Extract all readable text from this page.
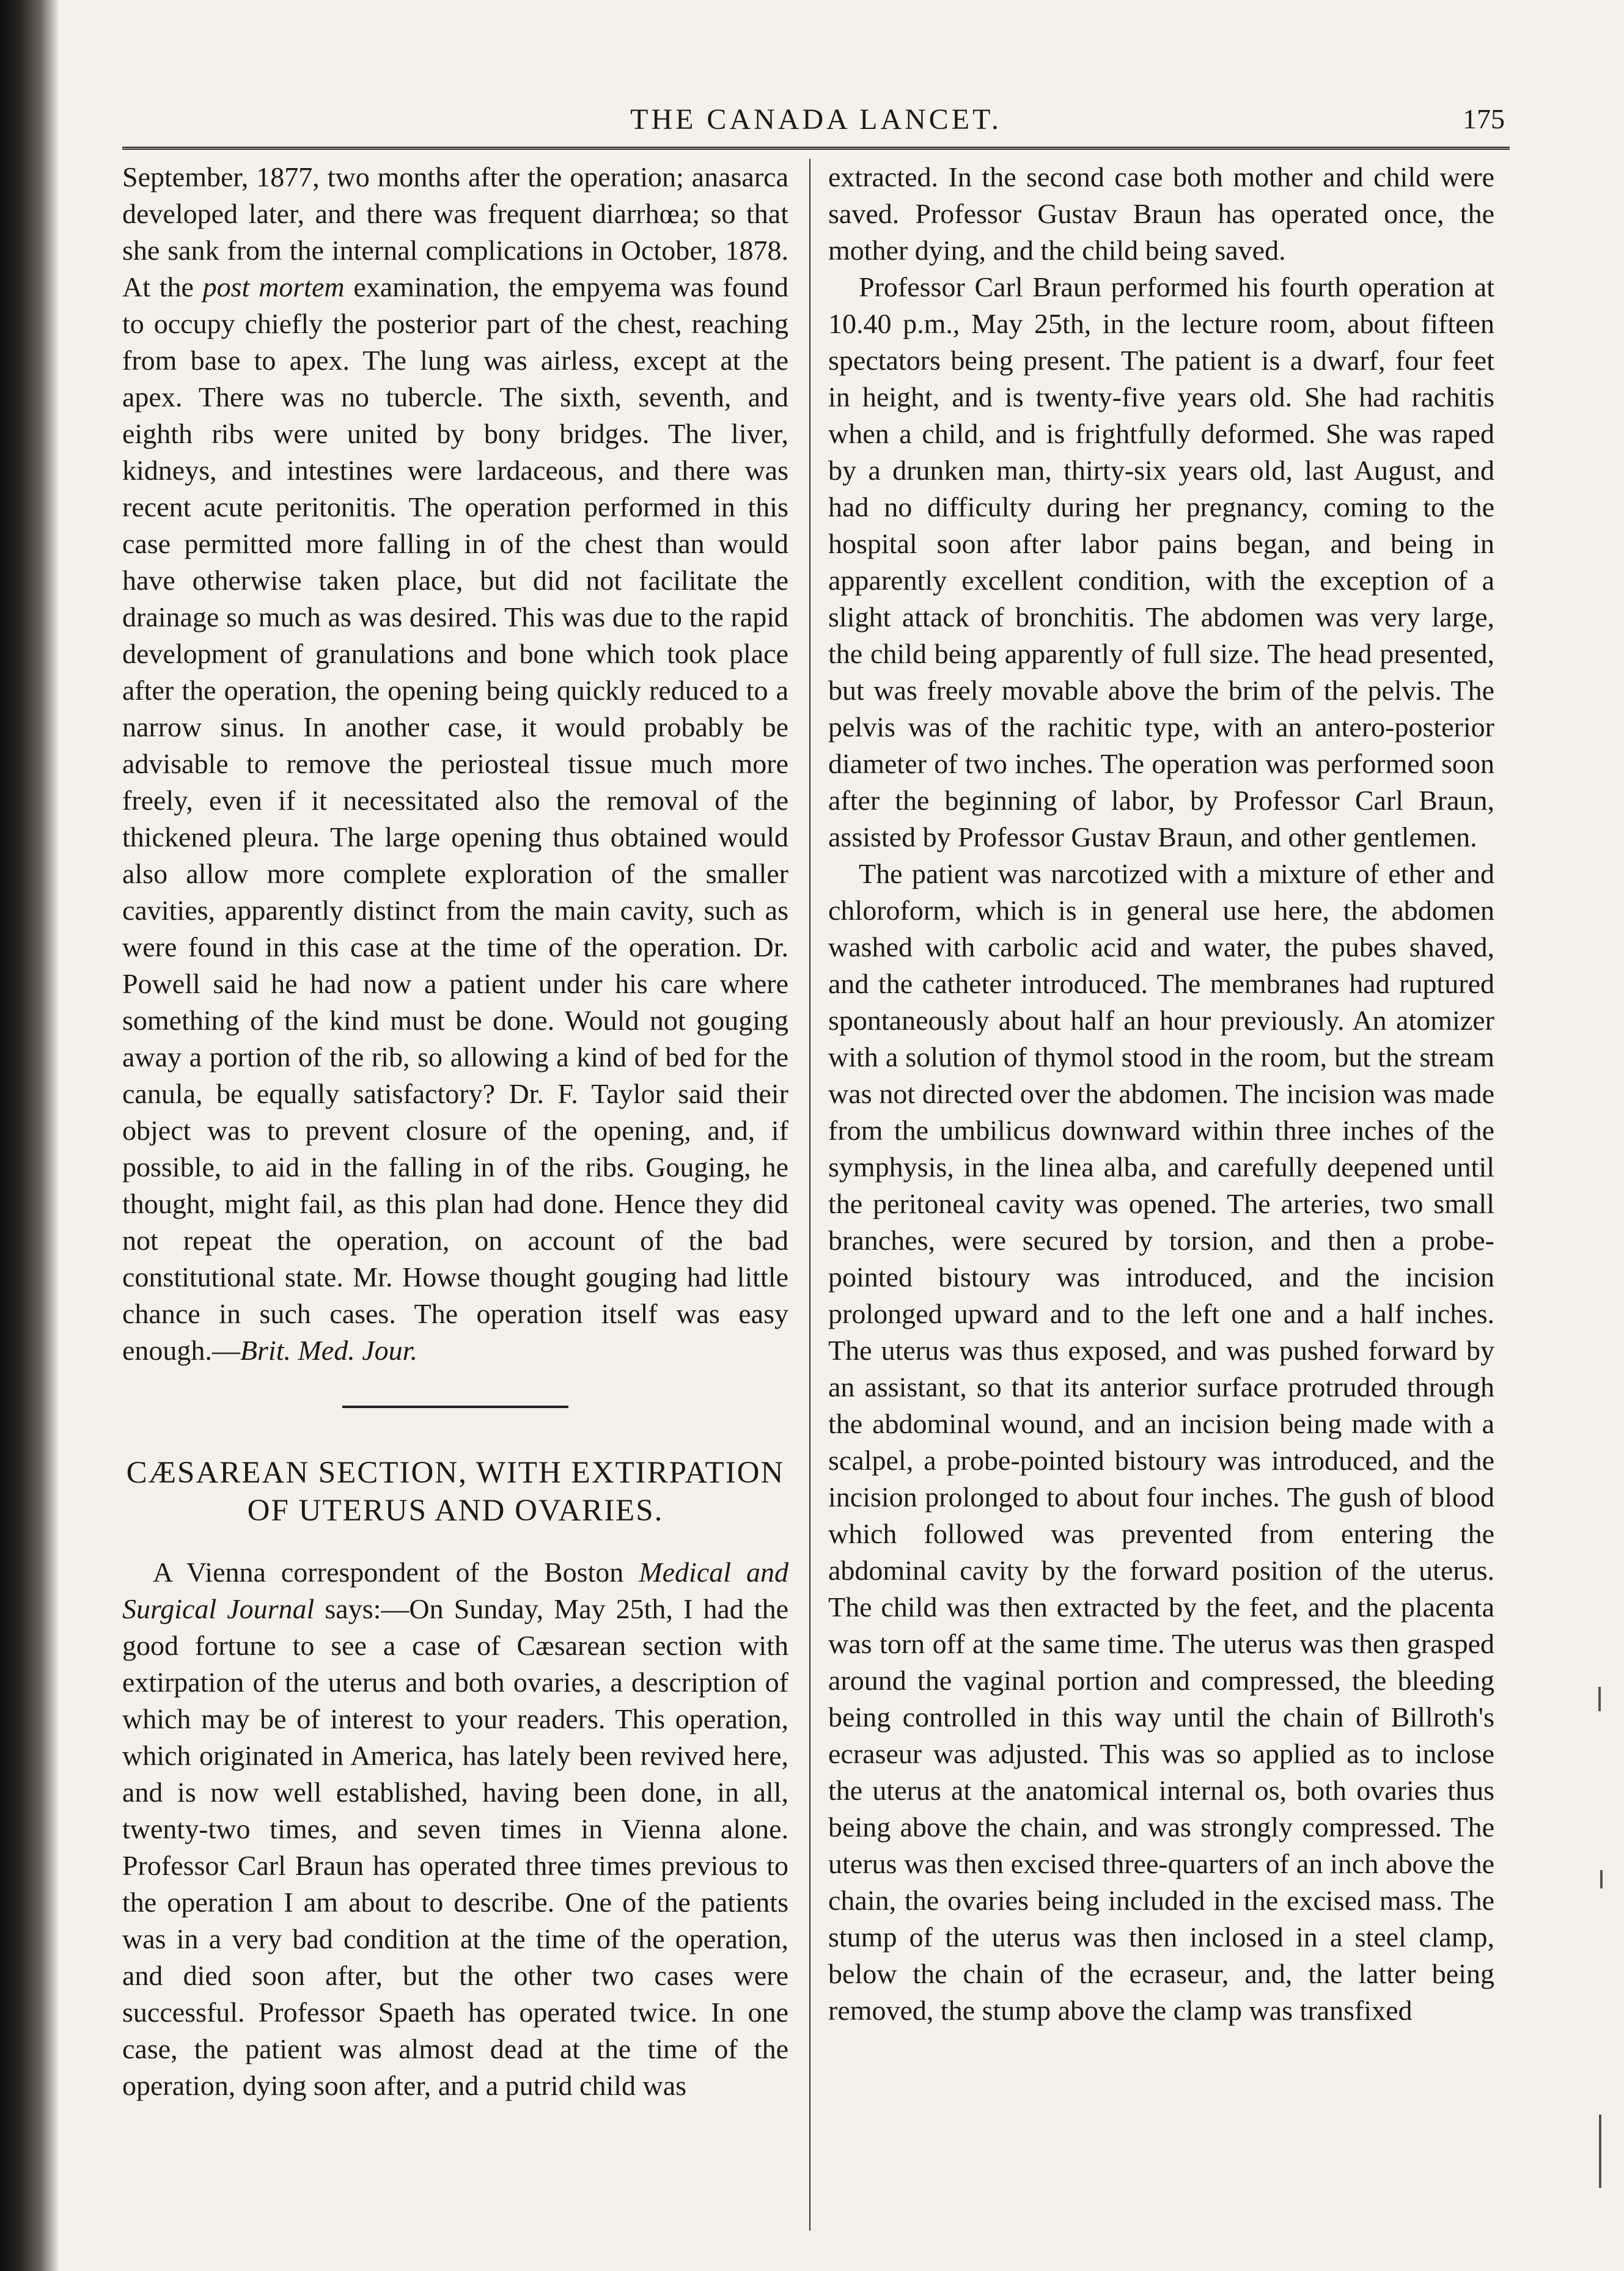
THE CANADA LANCET.	175

September, 1877, two months after the operation; anasarca developed later, and there was frequent diarrhœa; so that she sank from the internal complications in October, 1878. At the post mortem examination, the empyema was found to occupy chiefly the posterior part of the chest, reaching from base to apex. The lung was airless, except at the apex. There was no tubercle. The sixth, seventh, and eighth ribs were united by bony bridges. The liver, kidneys, and intestines were lardaceous, and there was recent acute peritonitis. The operation performed in this case permitted more falling in of the chest than would have otherwise taken place, but did not facilitate the drainage so much as was desired. This was due to the rapid development of granulations and bone which took place after the operation, the opening being quickly reduced to a narrow sinus. In another case, it would probably be advisable to remove the periosteal tissue much more freely, even if it necessitated also the removal of the thickened pleura. The large opening thus obtained would also allow more complete exploration of the smaller cavities, apparently distinct from the main cavity, such as were found in this case at the time of the operation. Dr. Powell said he had now a patient under his care where something of the kind must be done. Would not gouging away a portion of the rib, so allowing a kind of bed for the canula, be equally satisfactory? Dr. F. Taylor said their object was to prevent closure of the opening, and, if possible, to aid in the falling in of the ribs. Gouging, he thought, might fail, as this plan had done. Hence they did not repeat the operation, on account of the bad constitutional state. Mr. Howse thought gouging had little chance in such cases. The operation itself was easy enough.—Brit. Med. Jour.

CÆSAREAN SECTION, WITH EXTIRPATION OF UTERUS AND OVARIES.

A Vienna correspondent of the Boston Medical and Surgical Journal says:—On Sunday, May 25th, I had the good fortune to see a case of Cæsarean section with extirpation of the uterus and both ovaries, a description of which may be of interest to your readers. This operation, which originated in America, has lately been revived here, and is now well established, having been done, in all, twenty-two times, and seven times in Vienna alone. Professor Carl Braun has operated three times previous to the operation I am about to describe. One of the patients was in a very bad condition at the time of the operation, and died soon after, but the other two cases were successful. Professor Spaeth has operated twice. In one case, the patient was almost dead at the time of the operation, dying soon after, and a putrid child was

extracted. In the second case both mother and child were saved. Professor Gustav Braun has operated once, the mother dying, and the child being saved.

Professor Carl Braun performed his fourth operation at 10.40 p.m., May 25th, in the lecture room, about fifteen spectators being present. The patient is a dwarf, four feet in height, and is twenty-five years old. She had rachitis when a child, and is frightfully deformed. She was raped by a drunken man, thirty-six years old, last August, and had no difficulty during her pregnancy, coming to the hospital soon after labor pains began, and being in apparently excellent condition, with the exception of a slight attack of bronchitis. The abdomen was very large, the child being apparently of full size. The head presented, but was freely movable above the brim of the pelvis. The pelvis was of the rachitic type, with an antero-posterior diameter of two inches. The operation was performed soon after the beginning of labor, by Professor Carl Braun, assisted by Professor Gustav Braun, and other gentlemen.

The patient was narcotized with a mixture of ether and chloroform, which is in general use here, the abdomen washed with carbolic acid and water, the pubes shaved, and the catheter introduced. The membranes had ruptured spontaneously about half an hour previously. An atomizer with a solution of thymol stood in the room, but the stream was not directed over the abdomen. The incision was made from the umbilicus downward within three inches of the symphysis, in the linea alba, and carefully deepened until the peritoneal cavity was opened. The arteries, two small branches, were secured by torsion, and then a probe-pointed bistoury was introduced, and the incision prolonged upward and to the left one and a half inches. The uterus was thus exposed, and was pushed forward by an assistant, so that its anterior surface protruded through the abdominal wound, and an incision being made with a scalpel, a probe-pointed bistoury was introduced, and the incision prolonged to about four inches. The gush of blood which followed was prevented from entering the abdominal cavity by the forward position of the uterus. The child was then extracted by the feet, and the placenta was torn off at the same time. The uterus was then grasped around the vaginal portion and compressed, the bleeding being controlled in this way until the chain of Billroth's ecraseur was adjusted. This was so applied as to inclose the uterus at the anatomical internal os, both ovaries thus being above the chain, and was strongly compressed. The uterus was then excised three-quarters of an inch above the chain, the ovaries being included in the excised mass. The stump of the uterus was then inclosed in a steel clamp, below the chain of the ecraseur, and, the latter being removed, the stump above the clamp was transfixed
